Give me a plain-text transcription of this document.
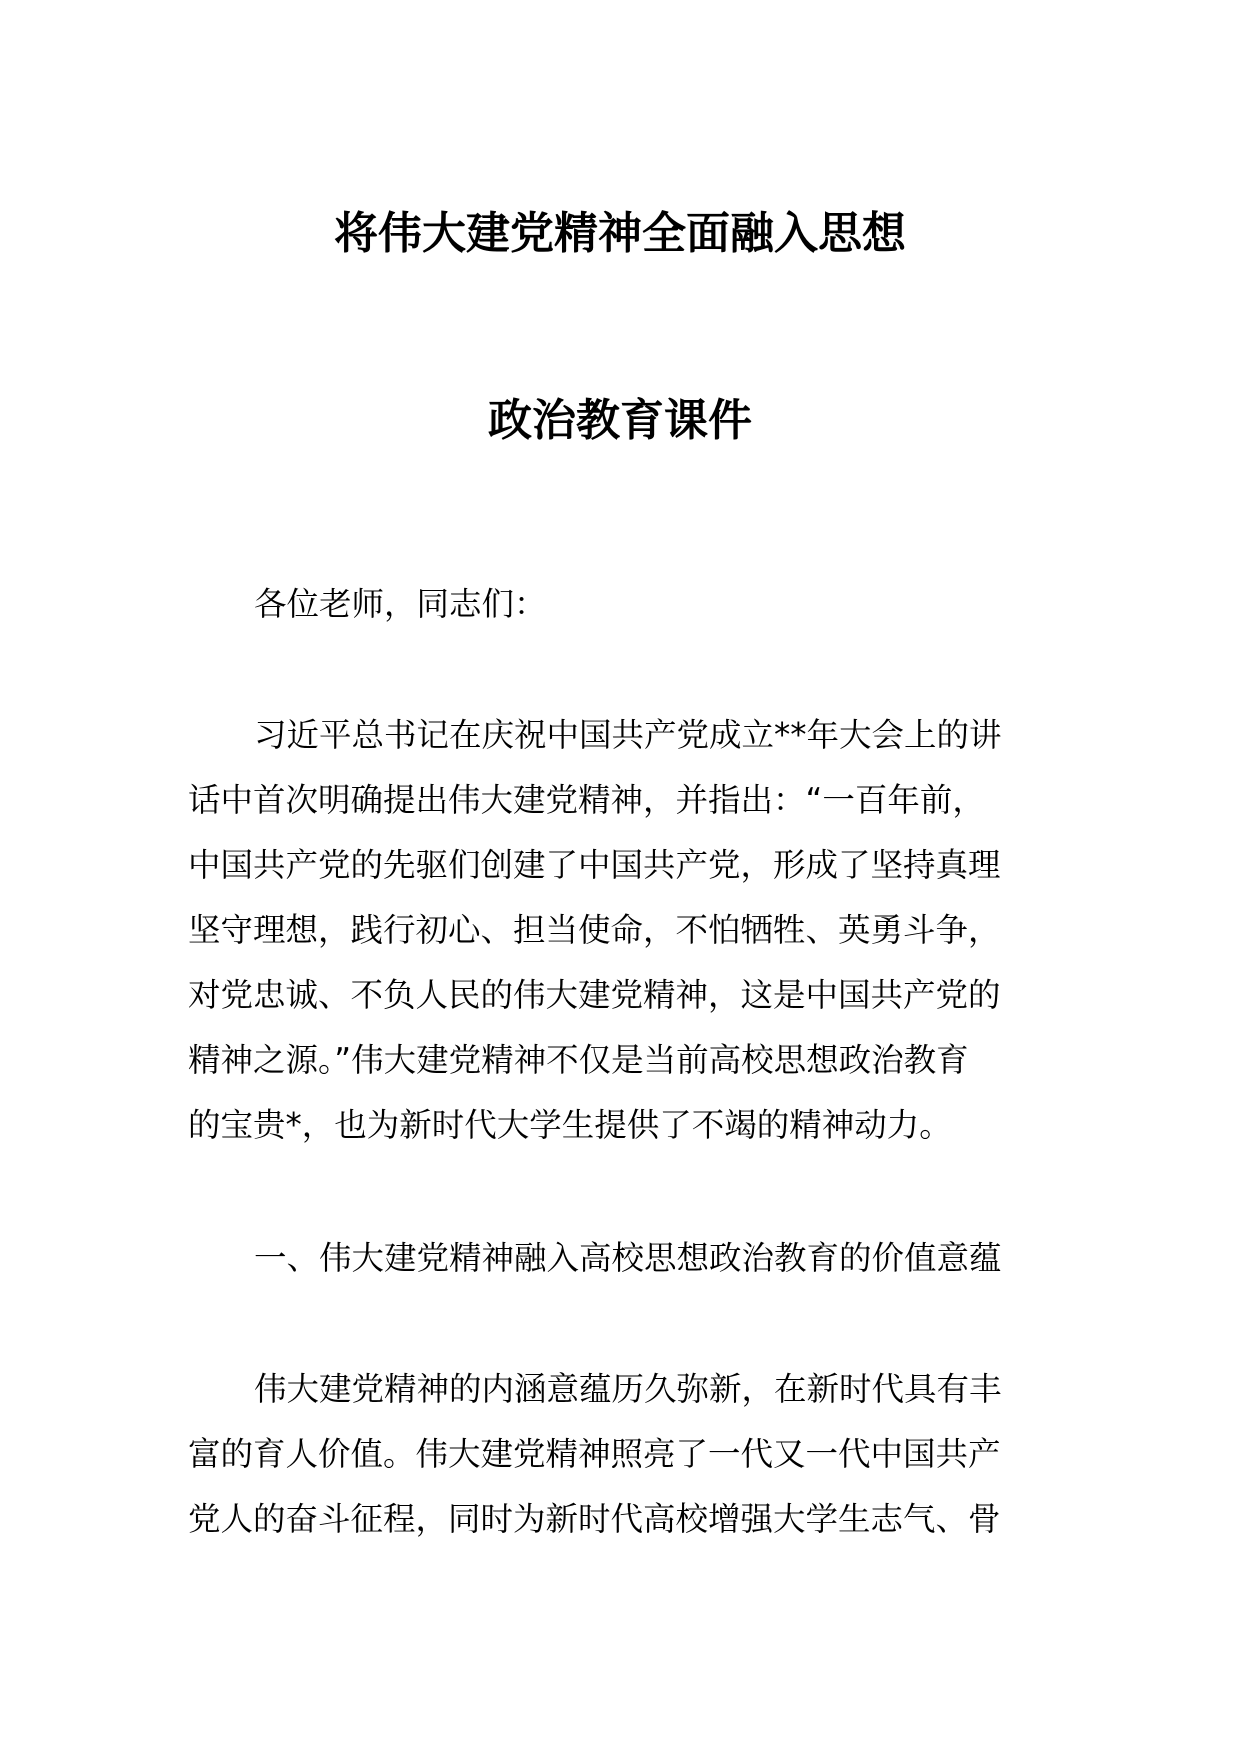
将伟大建党精神全面融入思想
政治教育课件

各位老师，同志们：

习近平总书记在庆祝中国共产党成立**年大会上的讲
话中首次明确提出伟大建党精神，并指出：“一百年前，
中国共产党的先驱们创建了中国共产党，形成了坚持真理
坚守理想，践行初心、担当使命，不怕牺牲、英勇斗争，
对党忠诚、不负人民的伟大建党精神，这是中国共产党的
精神之源。”伟大建党精神不仅是当前高校思想政治教育
的宝贵*，也为新时代大学生提供了不竭的精神动力。

一、伟大建党精神融入高校思想政治教育的价值意蕴

伟大建党精神的内涵意蕴历久弥新，在新时代具有丰
富的育人价值。伟大建党精神照亮了一代又一代中国共产
党人的奋斗征程，同时为新时代高校增强大学生志气、骨
